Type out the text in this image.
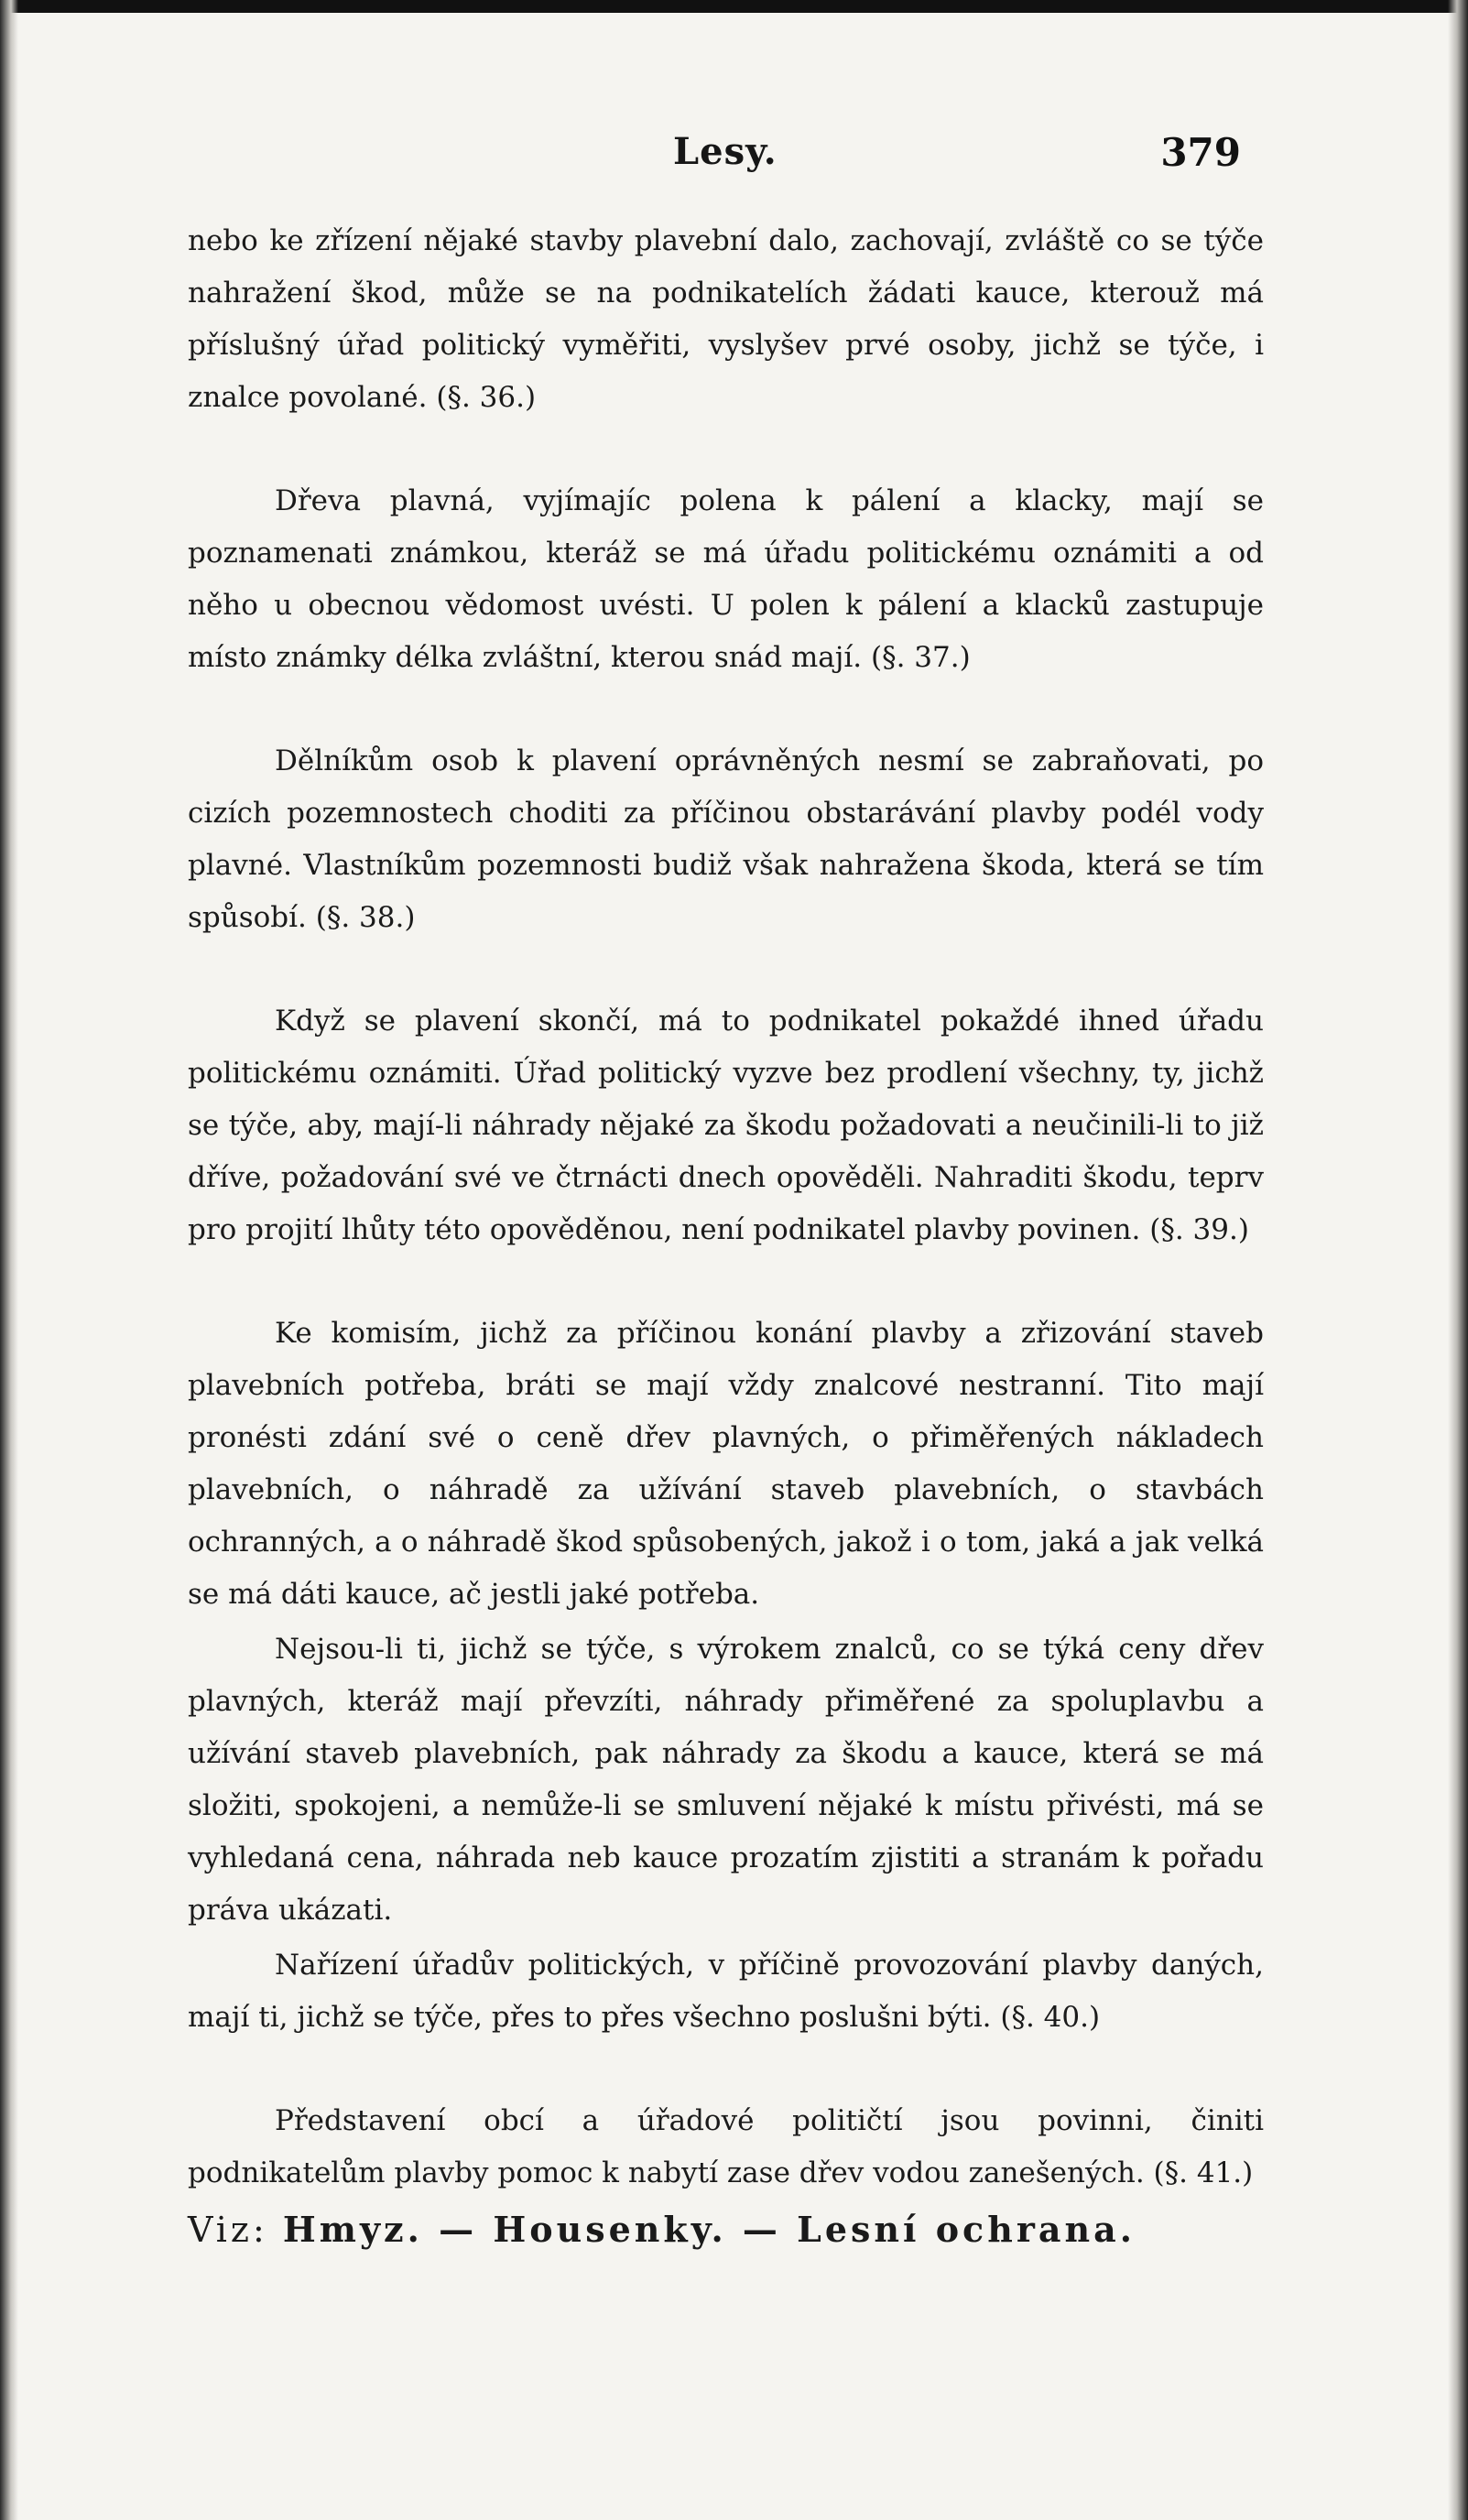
Lesy.	379

nebo ke zřízení nějaké stavby plavební dalo, zachovají, zvláště co se týče nahražení škod, může se na podnikatelích žádati kauce, kterouž má příslušný úřad politický vyměřiti, vyslyšev prvé osoby, jichž se týče, i znalce povolané. (§. 36.)

Dřeva plavná, vyjímajíc polena k pálení a klacky, mají se poznamenati známkou, kteráž se má úřadu politickému oznámiti a od něho u obecnou vědomost uvésti. U polen k pálení a klacků zastupuje místo známky délka zvláštní, kterou snád mají. (§. 37.)

Dělníkům osob k plavení oprávněných nesmí se zabraňovati, po cizích pozemnostech choditi za příčinou obstarávání plavby podél vody plavné. Vlastníkům pozemnosti budiž však nahražena škoda, která se tím spůsobí. (§. 38.)

Když se plavení skončí, má to podnikatel pokaždé ihned úřadu politickému oznámiti. Úřad politický vyzve bez prodlení všechny, ty, jichž se týče, aby, mají-li náhrady nějaké za škodu požadovati a neučinili-li to již dříve, požadování své ve čtrnácti dnech opověděli. Nahraditi škodu, teprv pro projití lhůty této opověděnou, není podnikatel plavby povinen. (§. 39.)

Ke komisím, jichž za příčinou konání plavby a zřizování staveb plavebních potřeba, bráti se mají vždy znalcové nestranní. Tito mají pronésti zdání své o ceně dřev plavných, o přiměřených nákladech plavebních, o náhradě za užívání staveb plavebních, o stavbách ochranných, a o náhradě škod spůsobených, jakož i o tom, jaká a jak velká se má dáti kauce, ač jestli jaké potřeba.

Nejsou-li ti, jichž se týče, s výrokem znalců, co se týká ceny dřev plavných, kteráž mají převzíti, náhrady přiměřené za spoluplavbu a užívání staveb plavebních, pak náhrady za škodu a kauce, která se má složiti, spokojeni, a nemůže-li se smluvení nějaké k místu přivésti, má se vyhledaná cena, náhrada neb kauce prozatím zjistiti a stranám k pořadu práva ukázati.

Nařízení úřadův politických, v příčině provozování plavby daných, mají ti, jichž se týče, přes to přes všechno poslušni býti. (§. 40.)

Představení obcí a úřadové političtí jsou povinni, činiti podnikatelům plavby pomoc k nabytí zase dřev vodou zanešených. (§. 41.)

Viz: Hmyz. — Housenky. — Lesní ochrana.
